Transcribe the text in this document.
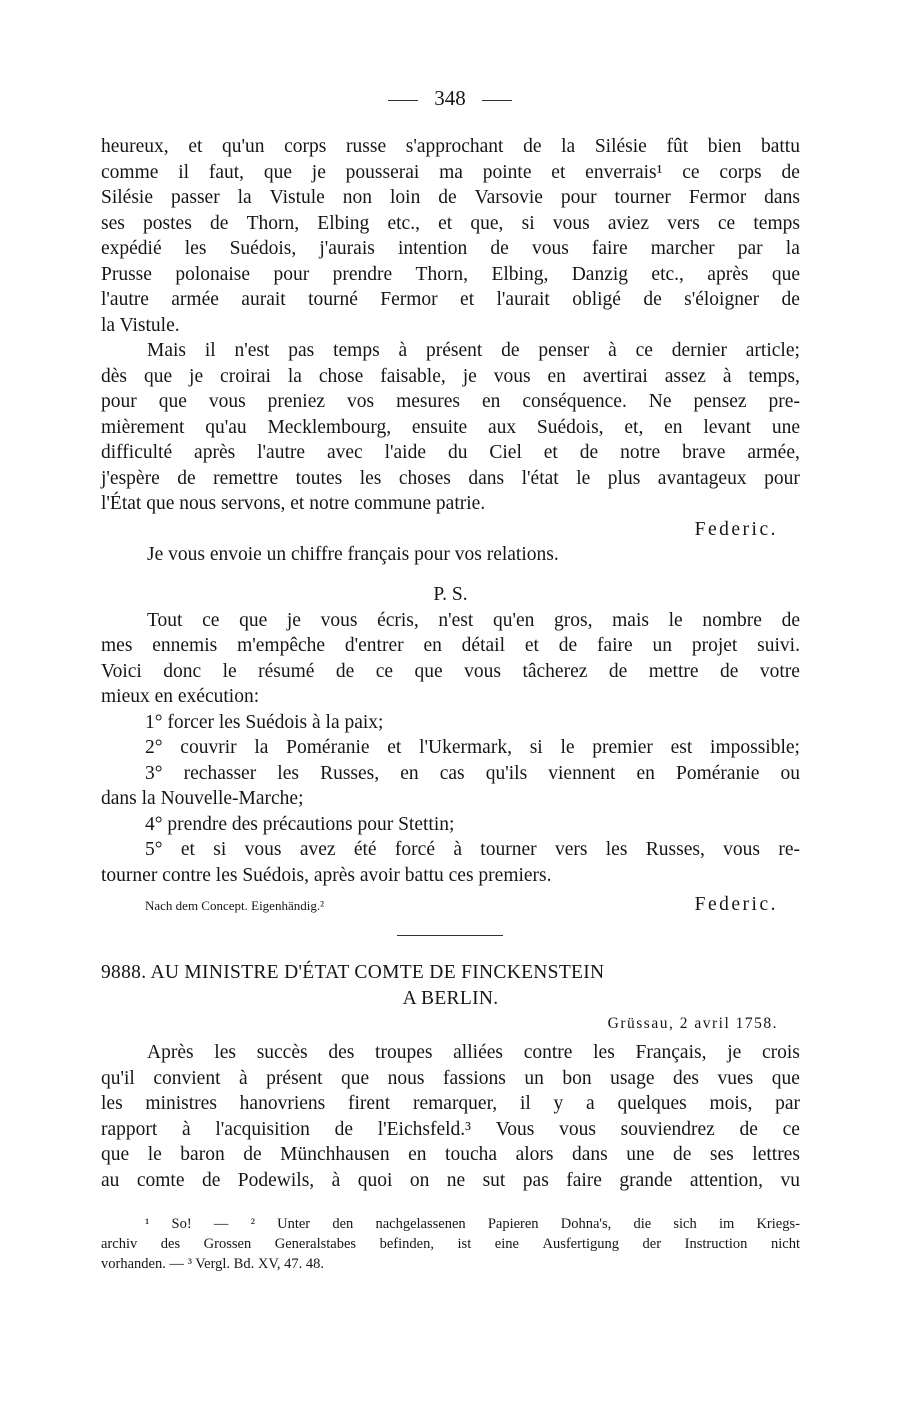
348
heureux, et qu'un corps russe s'approchant de la Silésie fût bien battu
comme il faut, que je pousserai ma pointe et enverrais¹ ce corps de
Silésie passer la Vistule non loin de Varsovie pour tourner Fermor dans
ses postes de Thorn, Elbing etc., et que, si vous aviez vers ce temps
expédié les Suédois, j'aurais intention de vous faire marcher par la
Prusse polonaise pour prendre Thorn, Elbing, Danzig etc., après que
l'autre armée aurait tourné Fermor et l'aurait obligé de s'éloigner de
la Vistule.
Mais il n'est pas temps à présent de penser à ce dernier article;
dès que je croirai la chose faisable, je vous en avertirai assez à temps,
pour que vous preniez vos mesures en conséquence. Ne pensez pre-
mièrement qu'au Mecklembourg, ensuite aux Suédois, et, en levant une
difficulté après l'autre avec l'aide du Ciel et de notre brave armée,
j'espère de remettre toutes les choses dans l'état le plus avantageux pour
l'État que nous servons, et notre commune patrie.
Federic.
Je vous envoie un chiffre français pour vos relations.
P. S.
Tout ce que je vous écris, n'est qu'en gros, mais le nombre de
mes ennemis m'empêche d'entrer en détail et de faire un projet suivi.
Voici donc le résumé de ce que vous tâcherez de mettre de votre
mieux en exécution:
1° forcer les Suédois à la paix;
2° couvrir la Poméranie et l'Ukermark, si le premier est impossible;
3° rechasser les Russes, en cas qu'ils viennent en Poméranie ou
dans la Nouvelle-Marche;
4° prendre des précautions pour Stettin;
5° et si vous avez été forcé à tourner vers les Russes, vous re-
tourner contre les Suédois, après avoir battu ces premiers.
Nach dem Concept. Eigenhändig.²	Federic.
9888. AU MINISTRE D'ÉTAT COMTE DE FINCKENSTEIN
A BERLIN.
Grüssau, 2 avril 1758.
Après les succès des troupes alliées contre les Français, je crois
qu'il convient à présent que nous fassions un bon usage des vues que
les ministres hanovriens firent remarquer, il y a quelques mois, par
rapport à l'acquisition de l'Eichsfeld.³ Vous vous souviendrez de ce
que le baron de Münchhausen en toucha alors dans une de ses lettres
au comte de Podewils, à quoi on ne sut pas faire grande attention, vu
¹ So! — ² Unter den nachgelassenen Papieren Dohna's, die sich im Kriegs-
archiv des Grossen Generalstabes befinden, ist eine Ausfertigung der Instruction nicht
vorhanden. — ³ Vergl. Bd. XV, 47. 48.
